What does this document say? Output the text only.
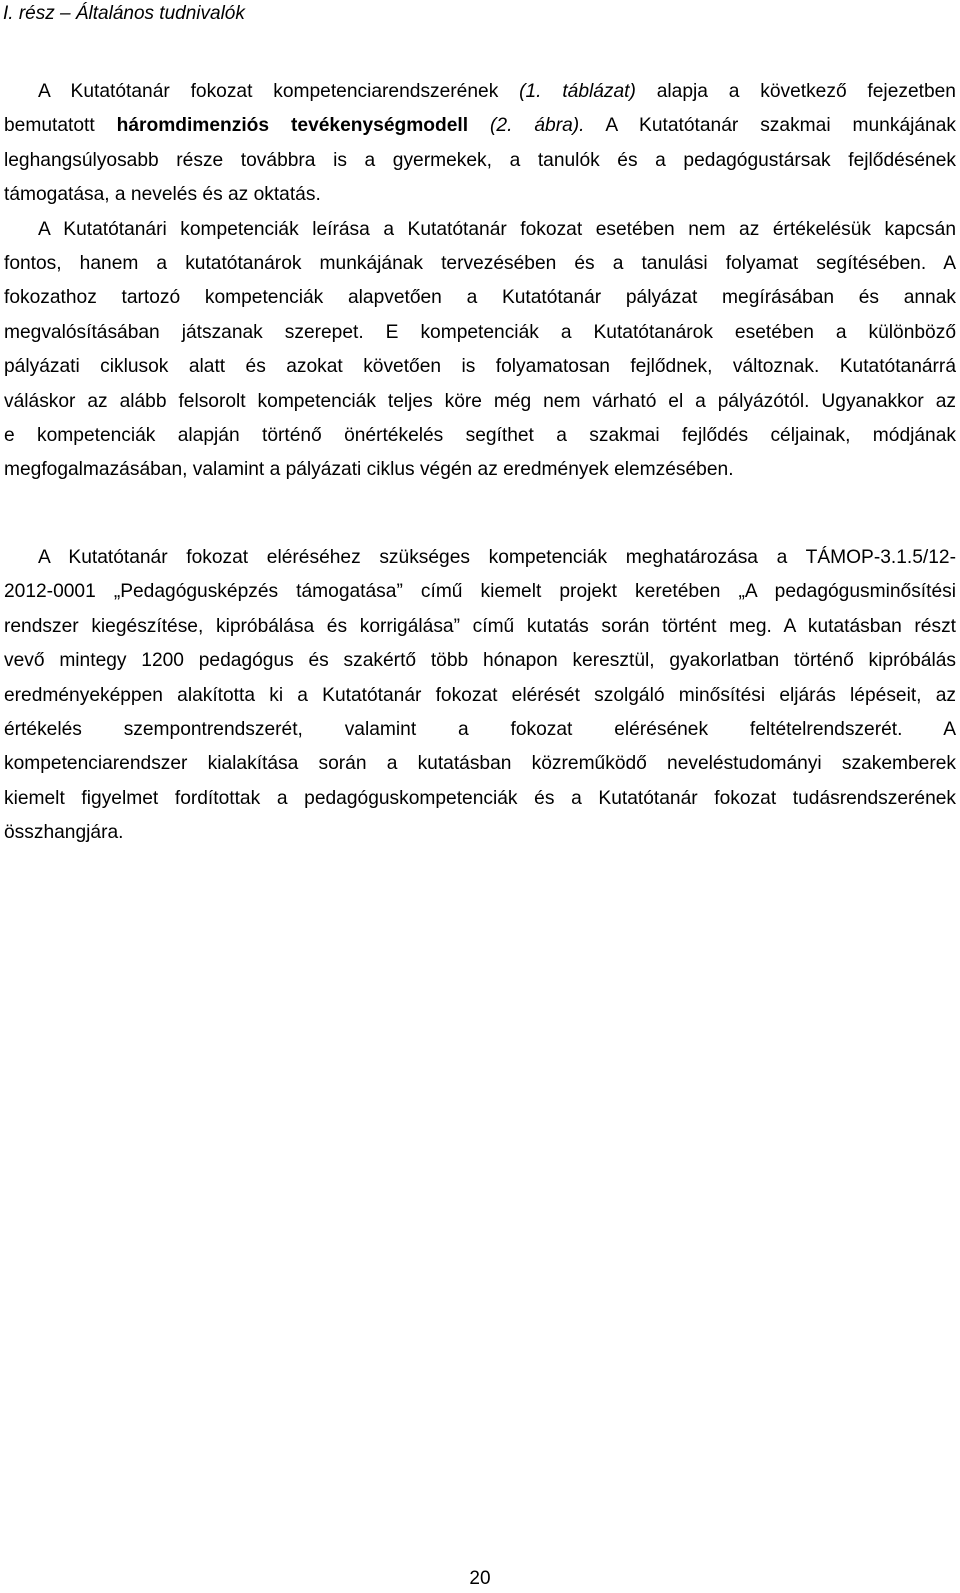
I. rész – Általános tudnivalók
A Kutatótanár fokozat kompetenciarendszerének (1. táblázat) alapja a következő fejezetben
bemutatott háromdimenziós tevékenységmodell (2. ábra). A Kutatótanár szakmai munkájának
leghangsúlyosabb része továbbra is a gyermekek, a tanulók és a pedagógustársak fejlődésének
támogatása, a nevelés és az oktatás.
A Kutatótanári kompetenciák leírása a Kutatótanár fokozat esetében nem az értékelésük kapcsán
fontos, hanem a kutatótanárok munkájának tervezésében és a tanulási folyamat segítésében. A
fokozathoz tartozó kompetenciák alapvetően a Kutatótanár pályázat megírásában és annak
megvalósításában játszanak szerepet. E kompetenciák a Kutatótanárok esetében a különböző
pályázati ciklusok alatt és azokat követően is folyamatosan fejlődnek, változnak. Kutatótanárrá
váláskor az alább felsorolt kompetenciák teljes köre még nem várható el a pályázótól. Ugyanakkor az
e kompetenciák alapján történő önértékelés segíthet a szakmai fejlődés céljainak, módjának
megfogalmazásában, valamint a pályázati ciklus végén az eredmények elemzésében.
A Kutatótanár fokozat eléréséhez szükséges kompetenciák meghatározása a TÁMOP-3.1.5/12-
2012-0001 „Pedagógusképzés támogatása” című kiemelt projekt keretében „A pedagógusminősítési
rendszer kiegészítése, kipróbálása és korrigálása” című kutatás során történt meg. A kutatásban részt
vevő mintegy 1200 pedagógus és szakértő több hónapon keresztül, gyakorlatban történő kipróbálás
eredményeképpen alakította ki a Kutatótanár fokozat elérését szolgáló minősítési eljárás lépéseit, az
értékelés szempontrendszerét, valamint a fokozat elérésének feltételrendszerét. A
kompetenciarendszer kialakítása során a kutatásban közreműködő neveléstudományi szakemberek
kiemelt figyelmet fordítottak a pedagóguskompetenciák és a Kutatótanár fokozat tudásrendszerének
összhangjára.
20
